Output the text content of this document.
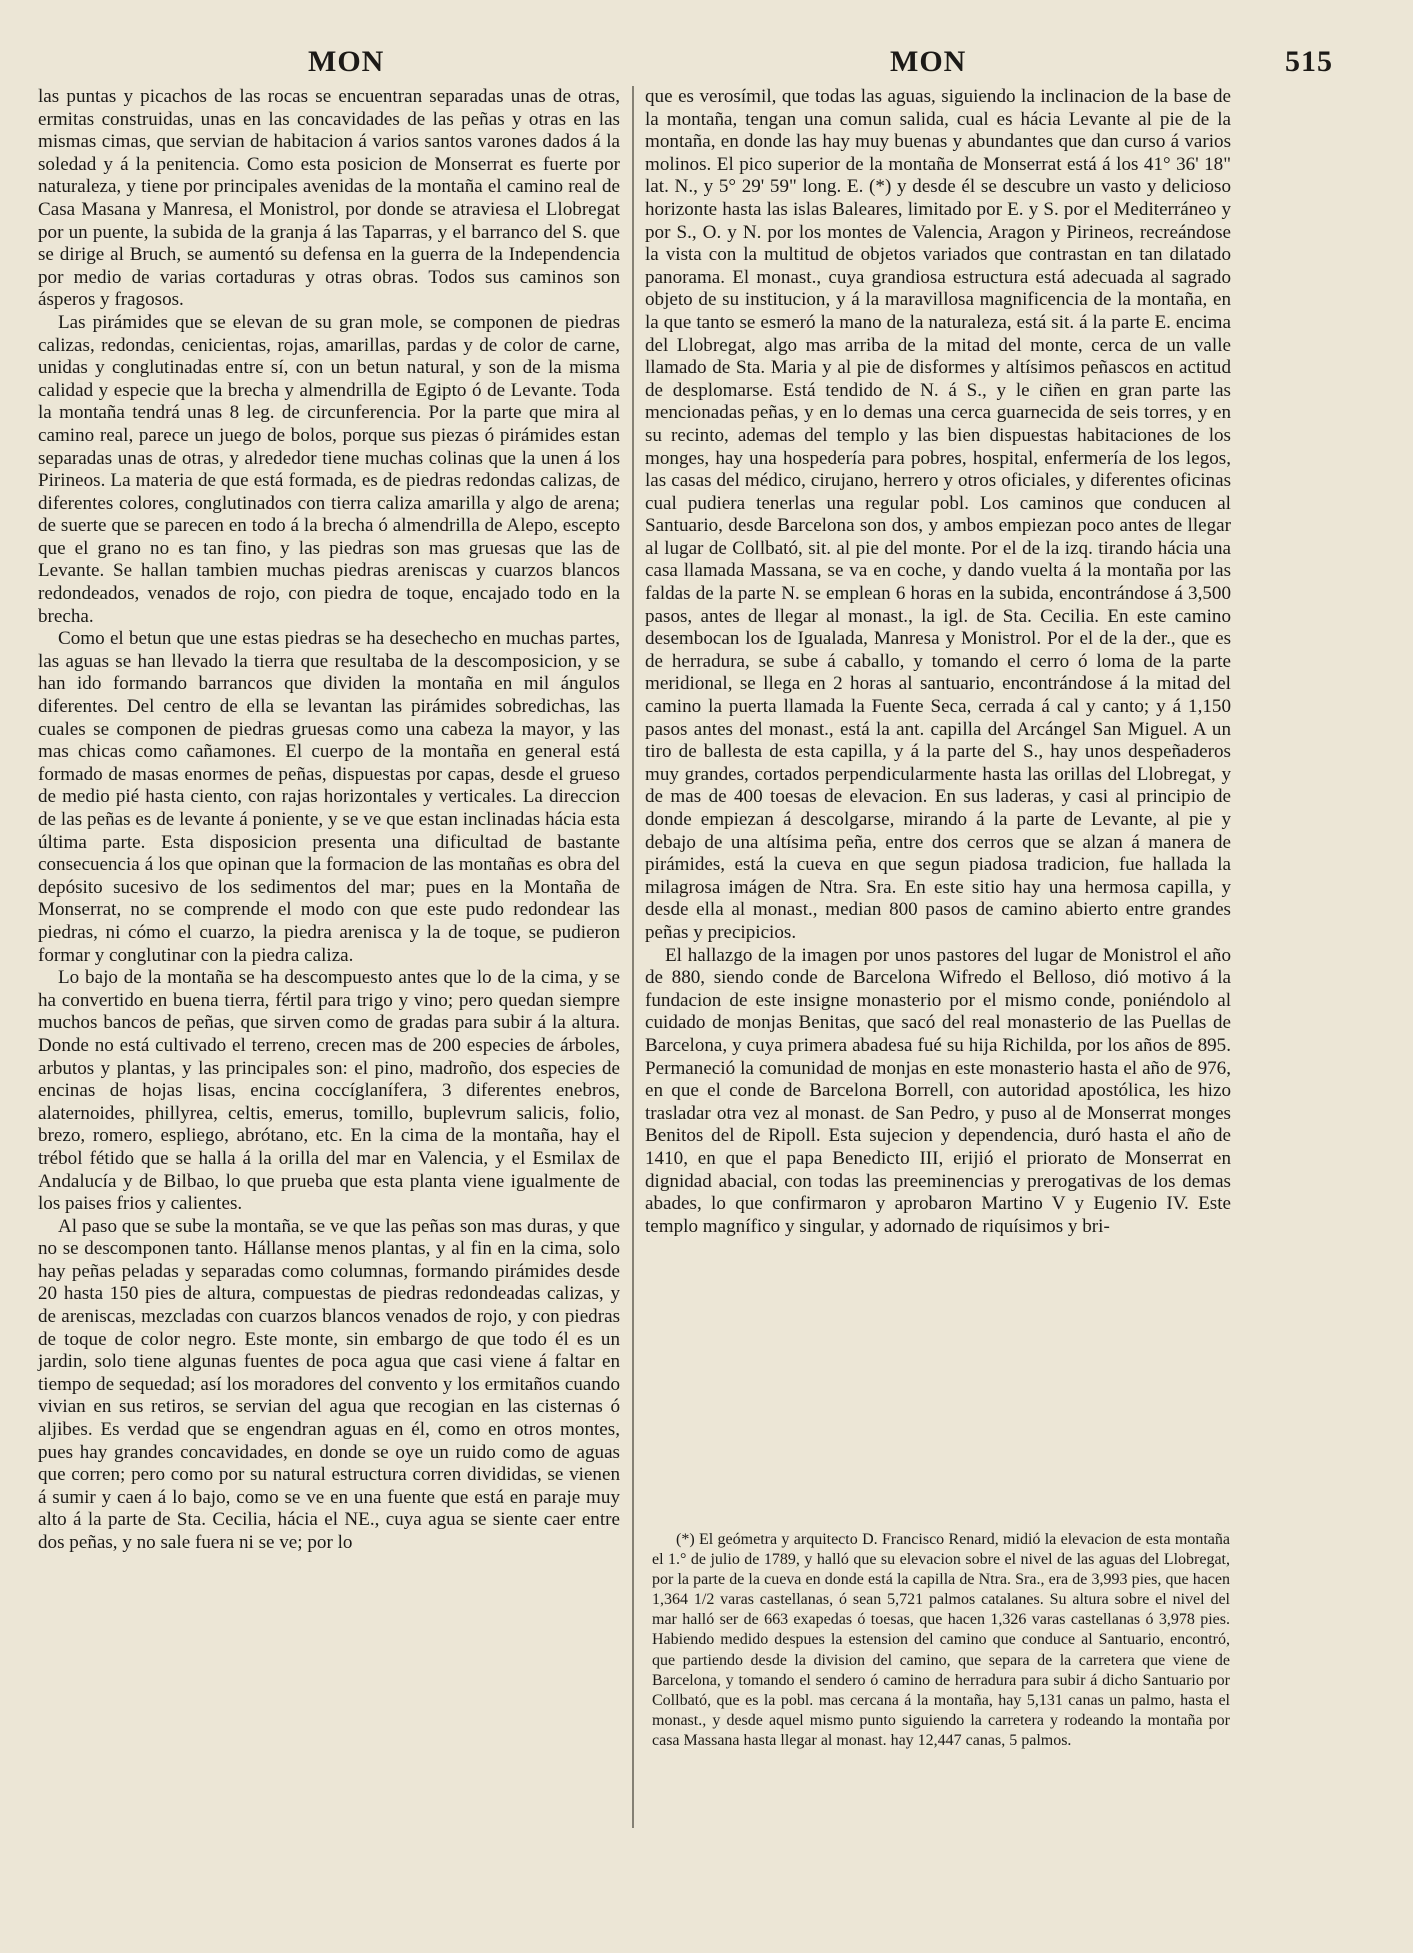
MON	MON	515

las puntas y picachos de las rocas se encuentran separadas unas de otras, ermitas construidas, unas en las concavidades de las peñas y otras en las mismas cimas, que servian de habitacion á varios santos varones dados á la soledad y á la penitencia. Como esta posicion de Monserrat es fuerte por naturaleza, y tiene por principales avenidas de la montaña el camino real de Casa Masana y Manresa, el Monistrol, por donde se atraviesa el Llobregat por un puente, la subida de la granja á las Taparras, y el barranco del S. que se dirige al Bruch, se aumentó su defensa en la guerra de la Independencia por medio de varias cortaduras y otras obras. Todos sus caminos son ásperos y fragosos.

Las pirámides que se elevan de su gran mole, se componen de piedras calizas, redondas, cenicientas, rojas, amarillas, pardas y de color de carne, unidas y conglutinadas entre sí, con un betun natural, y son de la misma calidad y especie que la brecha y almendrilla de Egipto ó de Levante. Toda la montaña tendrá unas 8 leg. de circunferencia. Por la parte que mira al camino real, parece un juego de bolos, porque sus piezas ó pirámides estan separadas unas de otras, y alrededor tiene muchas colinas que la unen á los Pirineos. La materia de que está formada, es de piedras redondas calizas, de diferentes colores, conglutinados con tierra caliza amarilla y algo de arena; de suerte que se parecen en todo á la brecha ó almendrilla de Alepo, escepto que el grano no es tan fino, y las piedras son mas gruesas que las de Levante. Se hallan tambien muchas piedras areniscas y cuarzos blancos redondeados, venados de rojo, con piedra de toque, encajado todo en la brecha.

Como el betun que une estas piedras se ha desechecho en muchas partes, las aguas se han llevado la tierra que resultaba de la descomposicion, y se han ido formando barrancos que dividen la montaña en mil ángulos diferentes. Del centro de ella se levantan las pirámides sobredichas, las cuales se componen de piedras gruesas como una cabeza la mayor, y las mas chicas como cañamones. El cuerpo de la montaña en general está formado de masas enormes de peñas, dispuestas por capas, desde el grueso de medio pié hasta ciento, con rajas horizontales y verticales. La direccion de las peñas es de levante á poniente, y se ve que estan inclinadas hácia esta última parte. Esta disposicion presenta una dificultad de bastante consecuencia á los que opinan que la formacion de las montañas es obra del depósito sucesivo de los sedimentos del mar; pues en la Montaña de Monserrat, no se comprende el modo con que este pudo redondear las piedras, ni cómo el cuarzo, la piedra arenisca y la de toque, se pudieron formar y conglutinar con la piedra caliza.

Lo bajo de la montaña se ha descompuesto antes que lo de la cima, y se ha convertido en buena tierra, fértil para trigo y vino; pero quedan siempre muchos bancos de peñas, que sirven como de gradas para subir á la altura. Donde no está cultivado el terreno, crecen mas de 200 especies de árboles, arbutos y plantas, y las principales son: el pino, madroño, dos especies de encinas de hojas lisas, encina coccíglanífera, 3 diferentes enebros, alaternoides, phillyrea, celtis, emerus, tomillo, buplevrum salicis, folio, brezo, romero, espliego, abrótano, etc. En la cima de la montaña, hay el trébol fétido que se halla á la orilla del mar en Valencia, y el Esmilax de Andalucía y de Bilbao, lo que prueba que esta planta viene igualmente de los paises frios y calientes.

Al paso que se sube la montaña, se ve que las peñas son mas duras, y que no se descomponen tanto. Hállanse menos plantas, y al fin en la cima, solo hay peñas peladas y separadas como columnas, formando pirámides desde 20 hasta 150 pies de altura, compuestas de piedras redondeadas calizas, y de areniscas, mezcladas con cuarzos blancos venados de rojo, y con piedras de toque de color negro. Este monte, sin embargo de que todo él es un jardin, solo tiene algunas fuentes de poca agua que casi viene á faltar en tiempo de sequedad; así los moradores del convento y los ermitaños cuando vivian en sus retiros, se servian del agua que recogian en las cisternas ó aljibes. Es verdad que se engendran aguas en él, como en otros montes, pues hay grandes concavidades, en donde se oye un ruido como de aguas que corren; pero como por su natural estructura corren divididas, se vienen á sumir y caen á lo bajo, como se ve en una fuente que está en paraje muy alto á la parte de Sta. Cecilia, hácia el NE., cuya agua se siente caer entre dos peñas, y no sale fuera ni se ve; por lo

que es verosímil, que todas las aguas, siguiendo la inclinacion de la base de la montaña, tengan una comun salida, cual es hácia Levante al pie de la montaña, en donde las hay muy buenas y abundantes que dan curso á varios molinos. El pico superior de la montaña de Monserrat está á los 41° 36' 18" lat. N., y 5° 29' 59" long. E. (*) y desde él se descubre un vasto y delicioso horizonte hasta las islas Baleares, limitado por E. y S. por el Mediterráneo y por S., O. y N. por los montes de Valencia, Aragon y Pirineos, recreándose la vista con la multitud de objetos variados que contrastan en tan dilatado panorama. El monast., cuya grandiosa estructura está adecuada al sagrado objeto de su institucion, y á la maravillosa magnificencia de la montaña, en la que tanto se esmeró la mano de la naturaleza, está sit. á la parte E. encima del Llobregat, algo mas arriba de la mitad del monte, cerca de un valle llamado de Sta. Maria y al pie de disformes y altísimos peñascos en actitud de desplomarse. Está tendido de N. á S., y le ciñen en gran parte las mencionadas peñas, y en lo demas una cerca guarnecida de seis torres, y en su recinto, ademas del templo y las bien dispuestas habitaciones de los monges, hay una hospedería para pobres, hospital, enfermería de los legos, las casas del médico, cirujano, herrero y otros oficiales, y diferentes oficinas cual pudiera tenerlas una regular pobl. Los caminos que conducen al Santuario, desde Barcelona son dos, y ambos empiezan poco antes de llegar al lugar de Collbató, sit. al pie del monte. Por el de la izq. tirando hácia una casa llamada Massana, se va en coche, y dando vuelta á la montaña por las faldas de la parte N. se emplean 6 horas en la subida, encontrándose á 3,500 pasos, antes de llegar al monast., la igl. de Sta. Cecilia. En este camino desembocan los de Igualada, Manresa y Monistrol. Por el de la der., que es de herradura, se sube á caballo, y tomando el cerro ó loma de la parte meridional, se llega en 2 horas al santuario, encontrándose á la mitad del camino la puerta llamada la Fuente Seca, cerrada á cal y canto; y á 1,150 pasos antes del monast., está la ant. capilla del Arcángel San Miguel. A un tiro de ballesta de esta capilla, y á la parte del S., hay unos despeñaderos muy grandes, cortados perpendicularmente hasta las orillas del Llobregat, y de mas de 400 toesas de elevacion. En sus laderas, y casi al principio de donde empiezan á descolgarse, mirando á la parte de Levante, al pie y debajo de una altísima peña, entre dos cerros que se alzan á manera de pirámides, está la cueva en que segun piadosa tradicion, fue hallada la milagrosa imágen de Ntra. Sra. En este sitio hay una hermosa capilla, y desde ella al monast., median 800 pasos de camino abierto entre grandes peñas y precipicios.

El hallazgo de la imagen por unos pastores del lugar de Monistrol el año de 880, siendo conde de Barcelona Wifredo el Belloso, dió motivo á la fundacion de este insigne monasterio por el mismo conde, poniéndolo al cuidado de monjas Benitas, que sacó del real monasterio de las Puellas de Barcelona, y cuya primera abadesa fué su hija Richilda, por los años de 895. Permaneció la comunidad de monjas en este monasterio hasta el año de 976, en que el conde de Barcelona Borrell, con autoridad apostólica, les hizo trasladar otra vez al monast. de San Pedro, y puso al de Monserrat monges Benitos del de Ripoll. Esta sujecion y dependencia, duró hasta el año de 1410, en que el papa Benedicto III, erijió el priorato de Monserrat en dignidad abacial, con todas las preeminencias y prerogativas de los demas abades, lo que confirmaron y aprobaron Martino V y Eugenio IV. Este templo magnífico y singular, y adornado de riquísimos y bri-

(*) El geómetra y arquitecto D. Francisco Renard, midió la elevacion de esta montaña el 1.° de julio de 1789, y halló que su elevacion sobre el nivel de las aguas del Llobregat, por la parte de la cueva en donde está la capilla de Ntra. Sra., era de 3,993 pies, que hacen 1,364 1/2 varas castellanas, ó sean 5,721 palmos catalanes. Su altura sobre el nivel del mar halló ser de 663 exapedas ó toesas, que hacen 1,326 varas castellanas ó 3,978 pies. Habiendo medido despues la estension del camino que conduce al Santuario, encontró, que partiendo desde la division del camino, que separa de la carretera que viene de Barcelona, y tomando el sendero ó camino de herradura para subir á dicho Santuario por Collbató, que es la pobl. mas cercana á la montaña, hay 5,131 canas un palmo, hasta el monast., y desde aquel mismo punto siguiendo la carretera y rodeando la montaña por casa Massana hasta llegar al monast. hay 12,447 canas, 5 palmos.
